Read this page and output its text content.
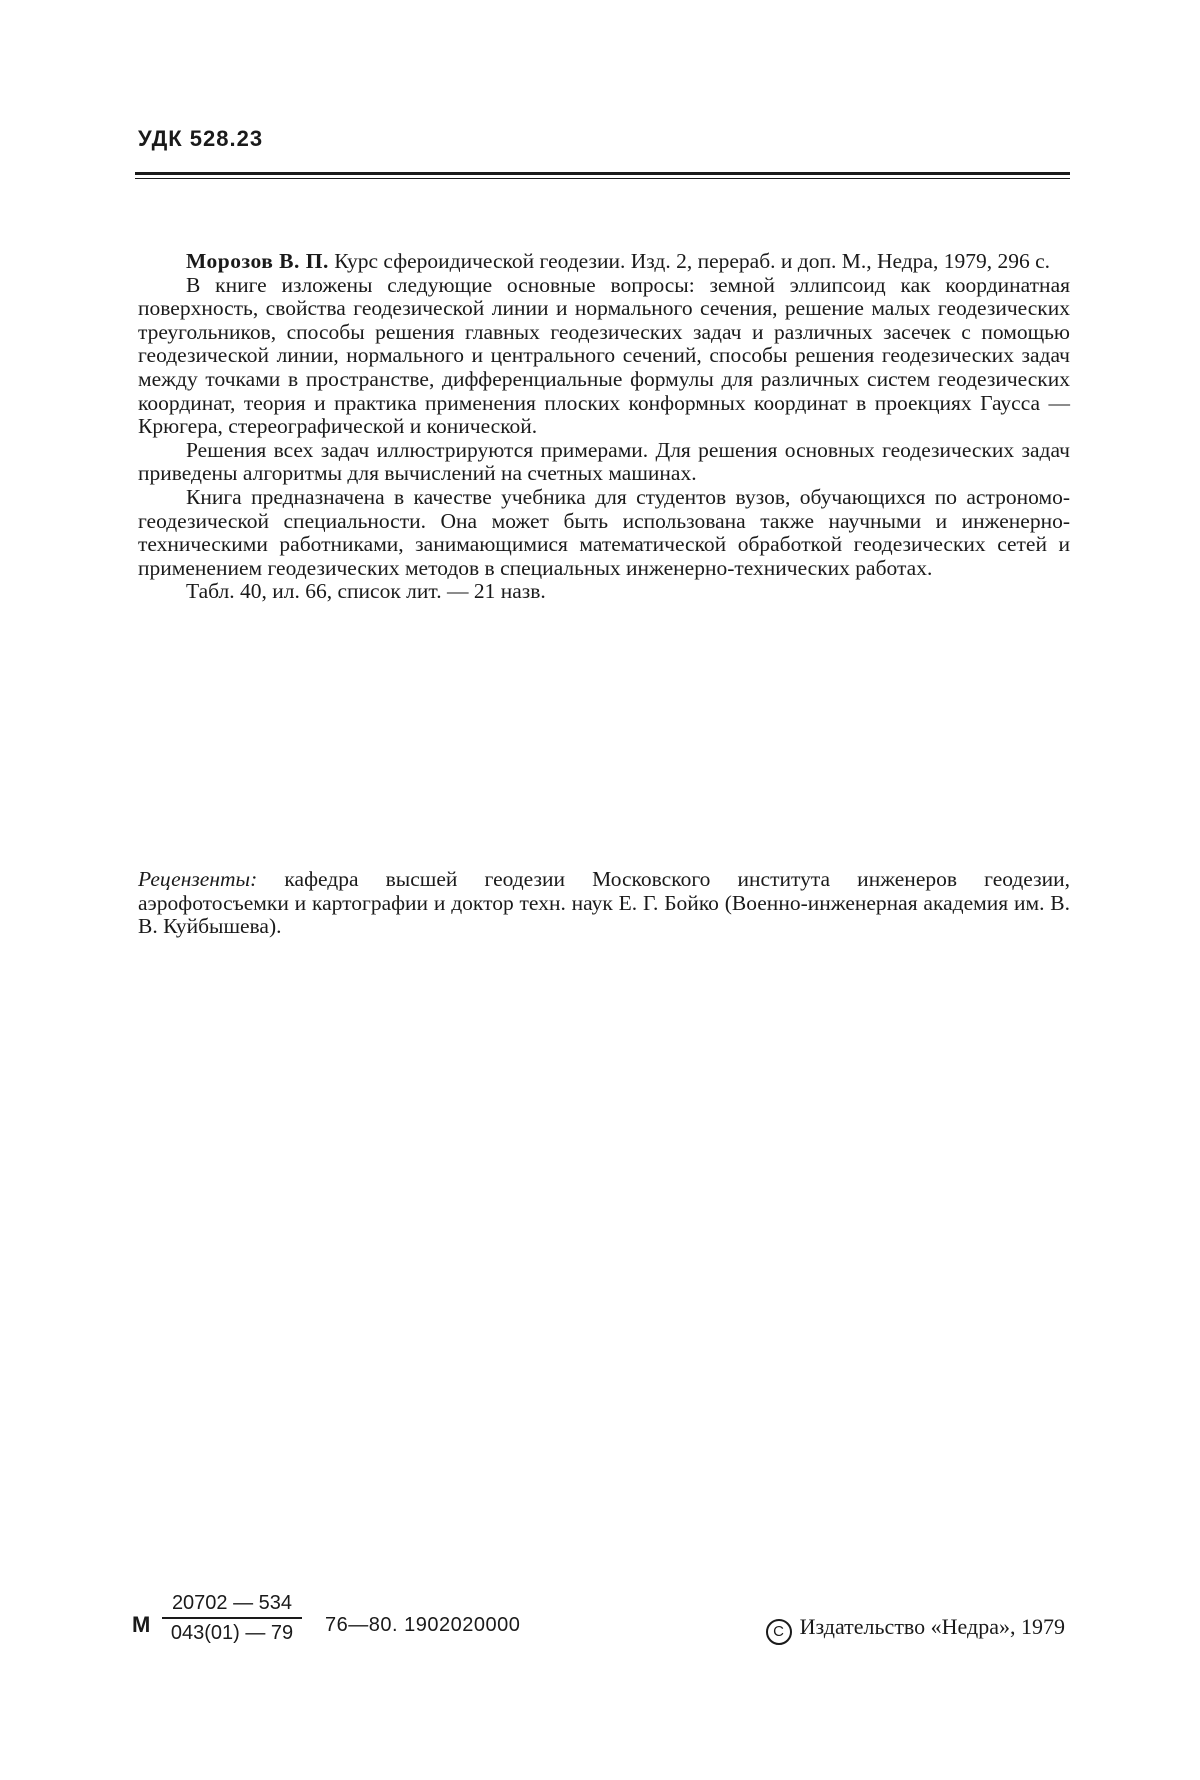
УДК 528.23

Морозов В. П. Курс сфероидической геодезии. Изд. 2, перераб. и доп. М., Недра, 1979, 296 с.

В книге изложены следующие основные вопросы: земной эллипсоид как координатная поверхность, свойства геодезической линии и нормального сечения, решение малых геодезических треугольников, способы решения главных геодезических задач и различных засечек с помощью геодезической линии, нормального и центрального сечений, способы решения геодезических задач между точками в пространстве, дифференциальные формулы для различных систем геодезических координат, теория и практика применения плоских конформных координат в проекциях Гаусса — Крюгера, стереографической и конической.

Решения всех задач иллюстрируются примерами. Для решения основных геодезических задач приведены алгоритмы для вычислений на счетных машинах.

Книга предназначена в качестве учебника для студентов вузов, обучающихся по астрономо-геодезической специальности. Она может быть использована также научными и инженерно-техническими работниками, занимающимися математической обработкой геодезических сетей и применением геодезических методов в специальных инженерно-технических работах.

Табл. 40, ил. 66, список лит. — 21 назв.

Рецензенты: кафедра высшей геодезии Московского института инженеров геодезии, аэрофотосъемки и картографии и доктор техн. наук Е. Г. Бойко (Военно-инженерная академия им. В. В. Куйбышева).

М $\frac{20702 — 534}{043(01) — 79}$ 76—80. 1902020000	C Издательство «Недра», 1979
